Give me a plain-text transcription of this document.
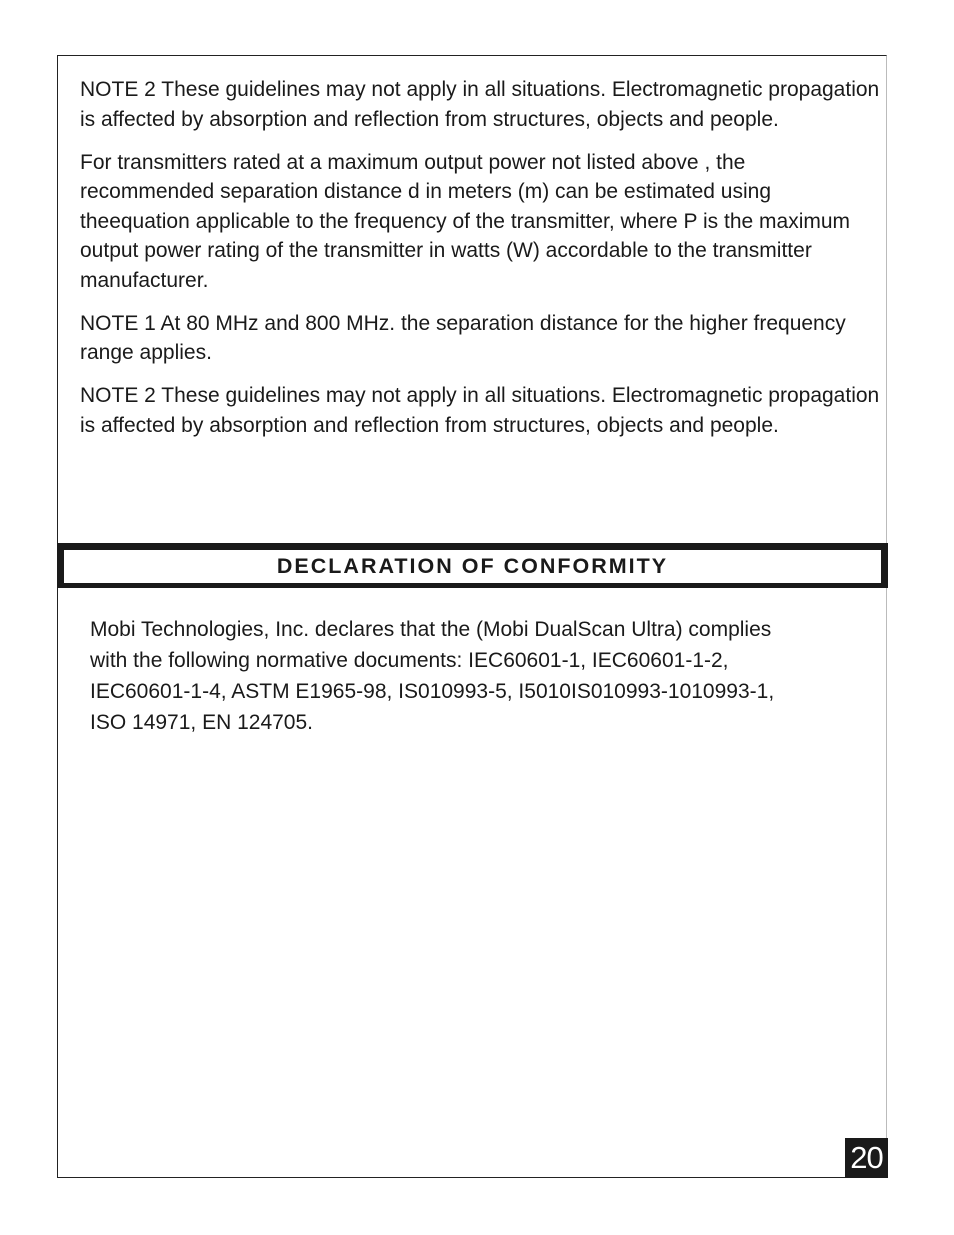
NOTE 2 These guidelines may not apply in all situations. Electromagnetic propagation is affected by absorption and reflection from structures, objects and people.

For transmitters rated at a maximum output power not listed above , the recommended separation distance d in meters (m) can be estimated using theequation applicable to the frequency of the transmitter, where P is the maximum output power rating of the transmitter in watts (W) accordable to the transmitter manufacturer.

NOTE 1 At 80 MHz and 800 MHz. the separation distance for the higher frequency range applies.

NOTE 2 These guidelines may not apply in all situations. Electromagnetic propagation is affected by absorption and reflection from structures, objects and people.

DECLARATION OF CONFORMITY

Mobi Technologies, Inc. declares that the (Mobi DualScan Ultra) complies
with the following normative documents: IEC60601-1, IEC60601-1-2,
IEC60601-1-4, ASTM E1965-98, IS010993-5, I5010IS010993-1010993-1,
ISO 14971, EN 124705.

20
